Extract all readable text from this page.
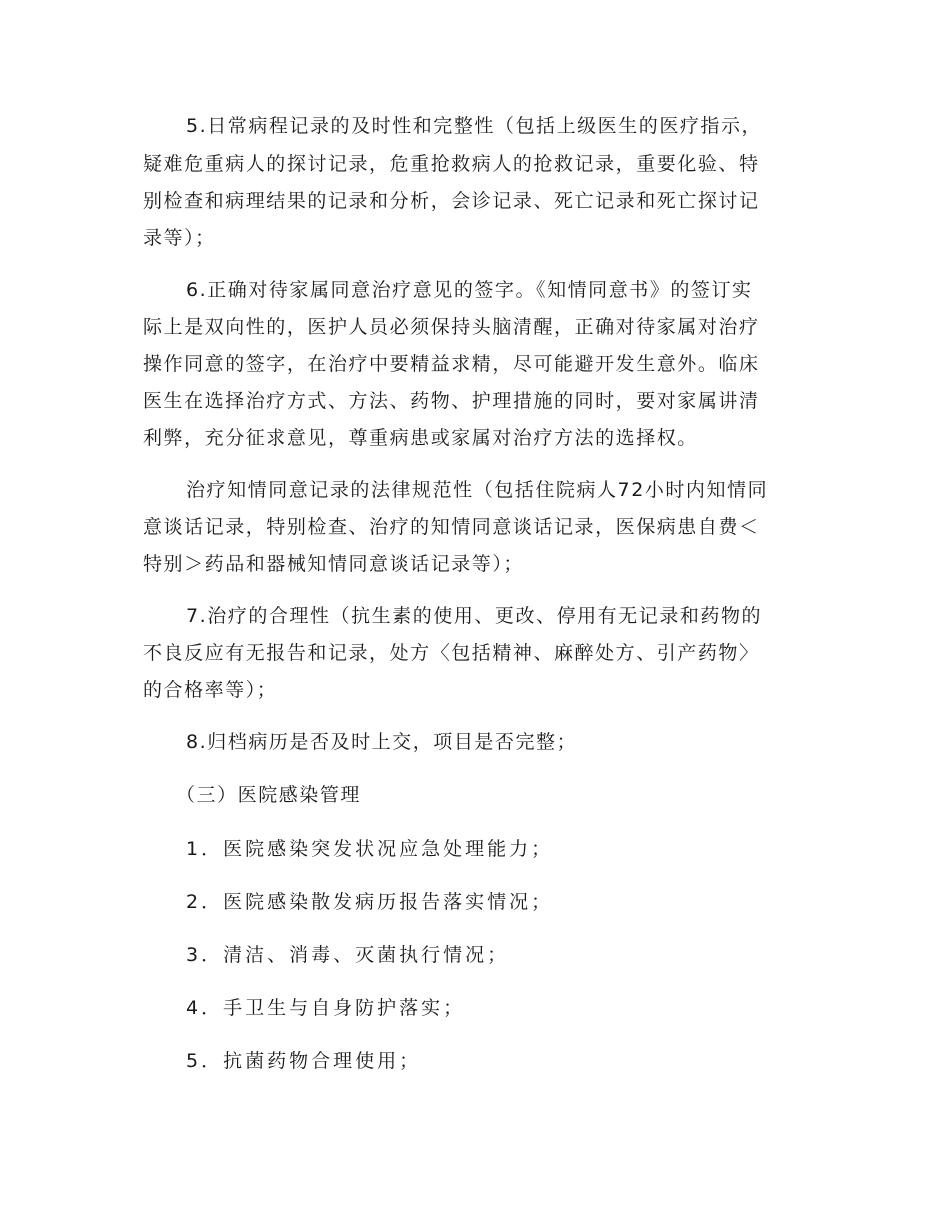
5.日常病程记录的及时性和完整性（包括上级医生的医疗指示，
疑难危重病人的探讨记录，危重抢救病人的抢救记录，重要化验、特
别检查和病理结果的记录和分析，会诊记录、死亡记录和死亡探讨记
录等）；
6.正确对待家属同意治疗意见的签字。《知情同意书》的签订实
际上是双向性的，医护人员必须保持头脑清醒，正确对待家属对治疗
操作同意的签字，在治疗中要精益求精，尽可能避开发生意外。临床
医生在选择治疗方式、方法、药物、护理措施的同时，要对家属讲清
利弊，充分征求意见，尊重病患或家属对治疗方法的选择权。
治疗知情同意记录的法律规范性（包括住院病人72小时内知情同
意谈话记录，特别检查、治疗的知情同意谈话记录，医保病患自费＜
特别＞药品和器械知情同意谈话记录等）；
7.治疗的合理性（抗生素的使用、更改、停用有无记录和药物的
不良反应有无报告和记录，处方〈包括精神、麻醉处方、引产药物〉
的合格率等）；
8.归档病历是否及时上交，项目是否完整；
（三）医院感染管理
1．医院感染突发状况应急处理能力；
2．医院感染散发病历报告落实情况；
3．清洁、消毒、灭菌执行情况；
4．手卫生与自身防护落实；
5．抗菌药物合理使用；
